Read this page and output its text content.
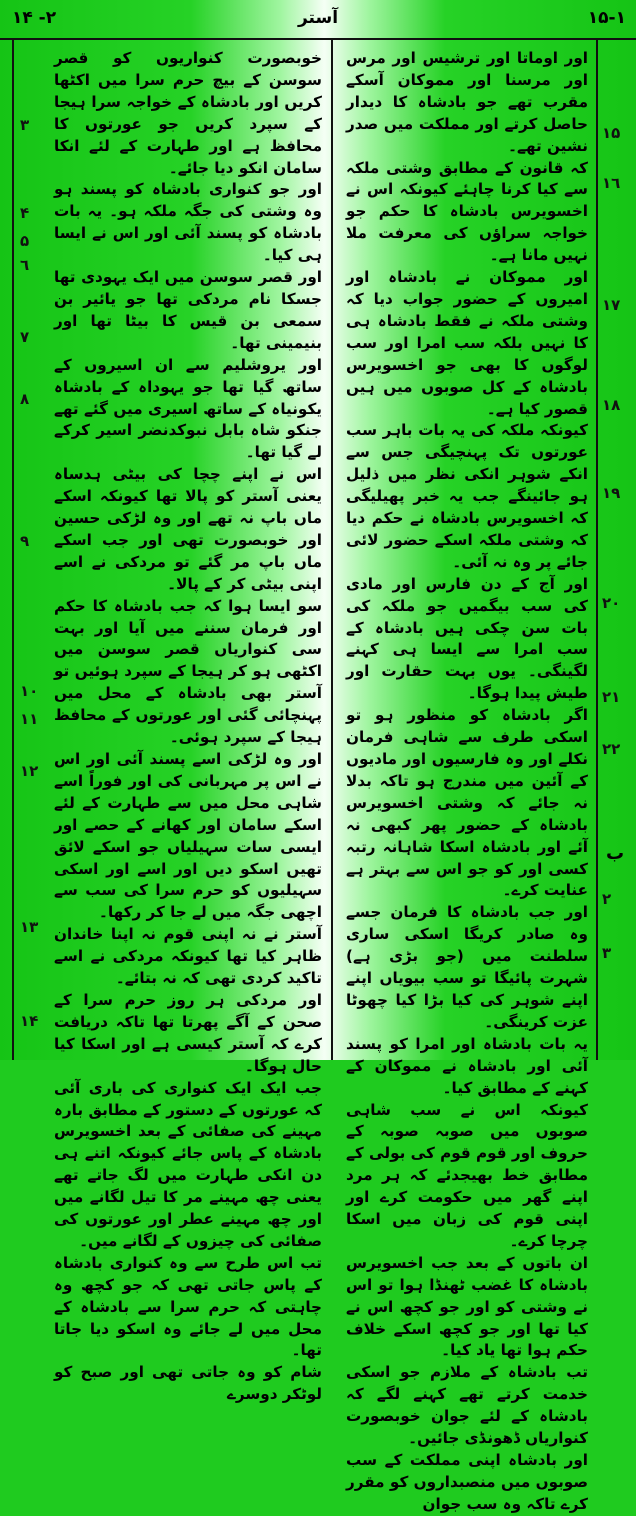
١۴ -٢	آستر	١۵-١
٣
۴
۵
٦
٧
٨
٩
١٠
١١
١٢
١٣
١۴
١۵
١٦
١٧
١٨
١٩
٢٠
٢١
٢٢
ب
٢
٣

خوبصورت کنواریوں کو قصر سوسن کے بیچ حرم سرا میں اکٹھا کریں اور بادشاہ کے خواجہ سرا ہیجا کے سپرد کریں جو عورتوں کا محافظ ہے اور طہارت کے لئے انکا سامان انکو دیا جائے۔

اور جو کنواری بادشاہ کو پسند ہو وہ وشتی کی جگہ ملکہ ہو۔ یہ بات بادشاہ کو پسند آئی اور اس نے ایسا ہی کیا۔

اور قصر سوسن میں ایک یہودی تھا جسکا نام مردکی تھا جو یائیر بن سمعی بن قیس کا بیٹا تھا اور بنیمینی تھا۔

اور یروشلیم سے ان اسیروں کے ساتھ گیا تھا جو یہوداہ کے بادشاہ یکونیاہ کے ساتھ اسیری میں گئے تھے جنکو شاہ بابل نبوکدنضر اسیر کرکے لے گیا تھا۔

اس نے اپنے چچا کی بیٹی ہدساہ یعنی آستر کو پالا تھا کیونکہ اسکے ماں باپ نہ تھے اور وہ لڑکی حسین اور خوبصورت تھی اور جب اسکے ماں باپ مر گئے تو مردکی نے اسے اپنی بیٹی کر کے پالا۔

سو ایسا ہوا کہ جب بادشاہ کا حکم اور فرمان سننے میں آیا اور بہت سی کنواریاں قصر سوسن میں اکٹھی ہو کر ہیجا کے سپرد ہوئیں تو آستر بھی بادشاہ کے محل میں پہنچائی گئی اور عورتوں کے محافظ ہیجا کے سپرد ہوئی۔

اور وہ لڑکی اسے پسند آئی اور اس نے اس پر مہربانی کی اور فوراً اسے شاہی محل میں سے طہارت کے لئے اسکے سامان اور کھانے کے حصے اور ایسی سات سہیلیاں جو اسکے لائق تھیں اسکو دیں اور اسے اور اسکی سہیلیوں کو حرم سرا کی سب سے اچھی جگہ میں لے جا کر رکھا۔

آستر نے نہ اپنی قوم نہ اپنا خاندان ظاہر کیا تھا کیونکہ مردکی نے اسے تاکید کردی تھی کہ نہ بتائے۔

اور مردکی ہر روز حرم سرا کے صحن کے آگے پھرتا تھا تاکہ دریافت کرے کہ آستر کیسی ہے اور اسکا کیا حال ہوگا۔

جب ایک ایک کنواری کی باری آئی کہ عورتوں کے دستور کے مطابق بارہ مہینے کی صفائی کے بعد اخسویرس بادشاہ کے پاس جائے کیونکہ اتنے ہی دن انکی طہارت میں لگ جاتے تھے یعنی چھ مہینے مر کا تیل لگانے میں اور چھ مہینے عطر اور عورتوں کی صفائی کی چیزوں کے لگانے میں۔

تب اس طرح سے وہ کنواری بادشاہ کے پاس جاتی تھی کہ جو کچھ وہ چاہتی کہ حرم سرا سے بادشاہ کے محل میں لے جائے وہ اسکو دیا جاتا تھا۔

شام کو وہ جاتی تھی اور صبح کو لوٹکر دوسرے

اور اوماتا اور ترشیس اور مرس اور مرسنا اور مموکان آسکے مقرب تھے جو بادشاہ کا دیدار حاصل کرتے اور مملکت میں صدر نشین تھے۔

کہ قانون کے مطابق وشتی ملکہ سے کیا کرنا چاہئے کیونکہ اس نے اخسویرس بادشاہ کا حکم جو خواجہ سراؤں کی معرفت ملا نہیں مانا ہے۔

اور مموکان نے بادشاہ اور امیروں کے حضور جواب دیا کہ وشتی ملکہ نے فقط بادشاہ ہی کا نہیں بلکہ سب امرا اور سب لوگوں کا بھی جو اخسویرس بادشاہ کے کل صوبوں میں ہیں قصور کیا ہے۔

کیونکہ ملکہ کی یہ بات باہر سب عورتوں تک پہنچیگی جس سے انکے شوہر انکی نظر میں ذلیل ہو جائینگے جب یہ خبر پھیلیگی کہ اخسویرس بادشاہ نے حکم دیا کہ وشتی ملکہ اسکے حضور لائی جائے پر وہ نہ آئی۔

اور آج کے دن فارس اور مادی کی سب بیگمیں جو ملکہ کی بات سن چکی ہیں بادشاہ کے سب امرا سے ایسا ہی کہنے لگینگی۔ یوں بہت حقارت اور طیش پیدا ہوگا۔

اگر بادشاہ کو منظور ہو تو اسکی طرف سے شاہی فرمان نکلے اور وہ فارسیوں اور مادیوں کے آئین میں مندرج ہو تاکہ بدلا نہ جائے کہ وشتی اخسویرس بادشاہ کے حضور پھر کبھی نہ آئے اور بادشاہ اسکا شاہانہ رتبہ کسی اور کو جو اس سے بہتر ہے عنایت کرے۔

اور جب بادشاہ کا فرمان جسے وہ صادر کریگا اسکی ساری سلطنت میں (جو بڑی ہے) شہرت پائیگا تو سب بیویاں اپنے اپنے شوہر کی کیا بڑا کیا چھوٹا عزت کرینگی۔

یہ بات بادشاہ اور امرا کو پسند آئی اور بادشاہ نے مموکان کے کہنے کے مطابق کیا۔

کیونکہ اس نے سب شاہی صوبوں میں صوبہ صوبہ کے حروف اور قوم قوم کی بولی کے مطابق خط بھیجدئے کہ ہر مرد اپنے گھر میں حکومت کرے اور اپنی قوم کی زبان میں اسکا چرچا کرے۔

ان باتوں کے بعد جب اخسویرس بادشاہ کا غضب ٹھنڈا ہوا تو اس نے وشتی کو اور جو کچھ اس نے کیا تھا اور جو کچھ اسکے خلاف حکم ہوا تھا یاد کیا۔

تب بادشاہ کے ملازم جو اسکی خدمت کرتے تھے کہنے لگے کہ بادشاہ کے لئے جوان خوبصورت کنواریاں ڈھونڈی جائیں۔

اور بادشاہ اپنی مملکت کے سب صوبوں میں منصبداروں کو مقرر کرے تاکہ وہ سب جوان
